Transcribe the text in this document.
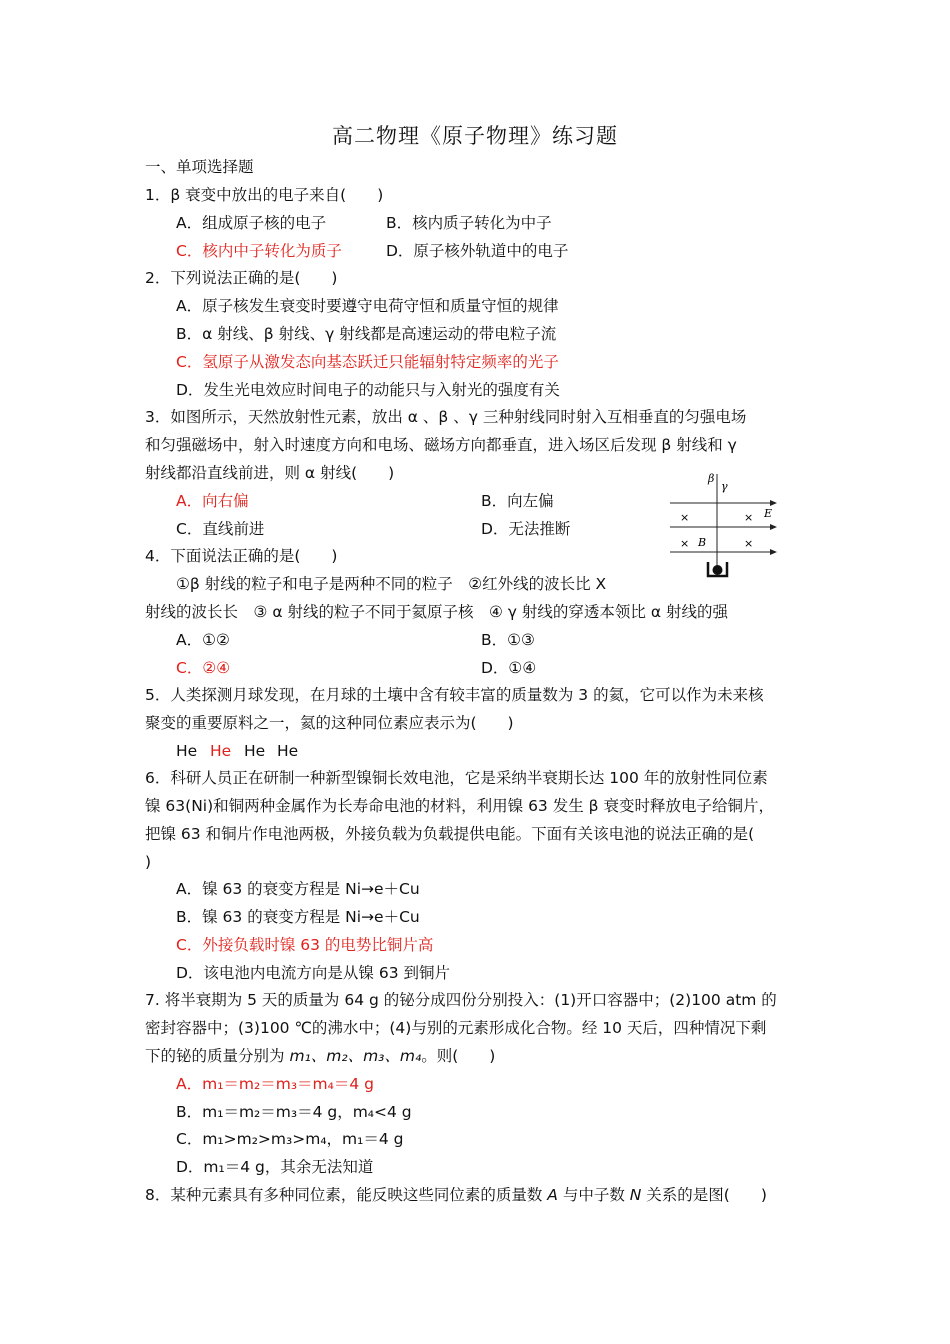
高二物理《原子物理》练习题
一、单项选择题
1．β 衰变中放出的电子来自(　　)
A．组成原子核的电子	B．核内质子转化为中子
C．核内中子转化为质子	D．原子核外轨道中的电子
2．下列说法正确的是(　　)
A．原子核发生衰变时要遵守电荷守恒和质量守恒的规律
B．α 射线、β 射线、γ 射线都是高速运动的带电粒子流
C．氢原子从激发态向基态跃迁只能辐射特定频率的光子
D．发生光电效应时间电子的动能只与入射光的强度有关
3．如图所示，天然放射性元素，放出 α 、β 、γ 三种射线同时射入互相垂直的匀强电场
和匀强磁场中，射入时速度方向和电场、磁场方向都垂直，进入场区后发现 β 射线和 γ
射线都沿直线前进，则 α 射线(　　)
A．向右偏	B．向左偏
C．直线前进	D．无法推断
β
γ
×	× E
× B	×
4．下面说法正确的是(　　)
①β 射线的粒子和电子是两种不同的粒子　②红外线的波长比 X
射线的波长长　③ α 射线的粒子不同于氦原子核　④ γ 射线的穿透本领比 α 射线的强
A．①②	B．①③
C．②④	D．①④
5．人类探测月球发现，在月球的土壤中含有较丰富的质量数为 3 的氦，它可以作为未来核
聚变的重要原料之一，氦的这种同位素应表示为(　　)
He He He He
6．科研人员正在研制一种新型镍铜长效电池，它是采纳半衰期长达 100 年的放射性同位素
镍 63(Ni)和铜两种金属作为长寿命电池的材料，利用镍 63 发生 β 衰变时释放电子给铜片，
把镍 63 和铜片作电池两极，外接负载为负载提供电能。下面有关该电池的说法正确的是(
)
A．镍 63 的衰变方程是 Ni→e＋Cu
B．镍 63 的衰变方程是 Ni→e＋Cu
C．外接负载时镍 63 的电势比铜片高
D．该电池内电流方向是从镍 63 到铜片
7. 将半衰期为 5 天的质量为 64 g 的铋分成四份分别投入：(1)开口容器中；(2)100 atm 的
密封容器中；(3)100 ℃的沸水中；(4)与别的元素形成化合物。经 10 天后，四种情况下剩
下的铋的质量分别为 m₁、m₂、m₃、m₄。则(　　)
A．m₁＝m₂＝m₃＝m₄＝4 g
B．m₁＝m₂＝m₃＝4 g，m₄<4 g
C．m₁>m₂>m₃>m₄，m₁＝4 g
D．m₁＝4 g，其余无法知道
8．某种元素具有多种同位素，能反映这些同位素的质量数 A 与中子数 N 关系的是图(　　)
